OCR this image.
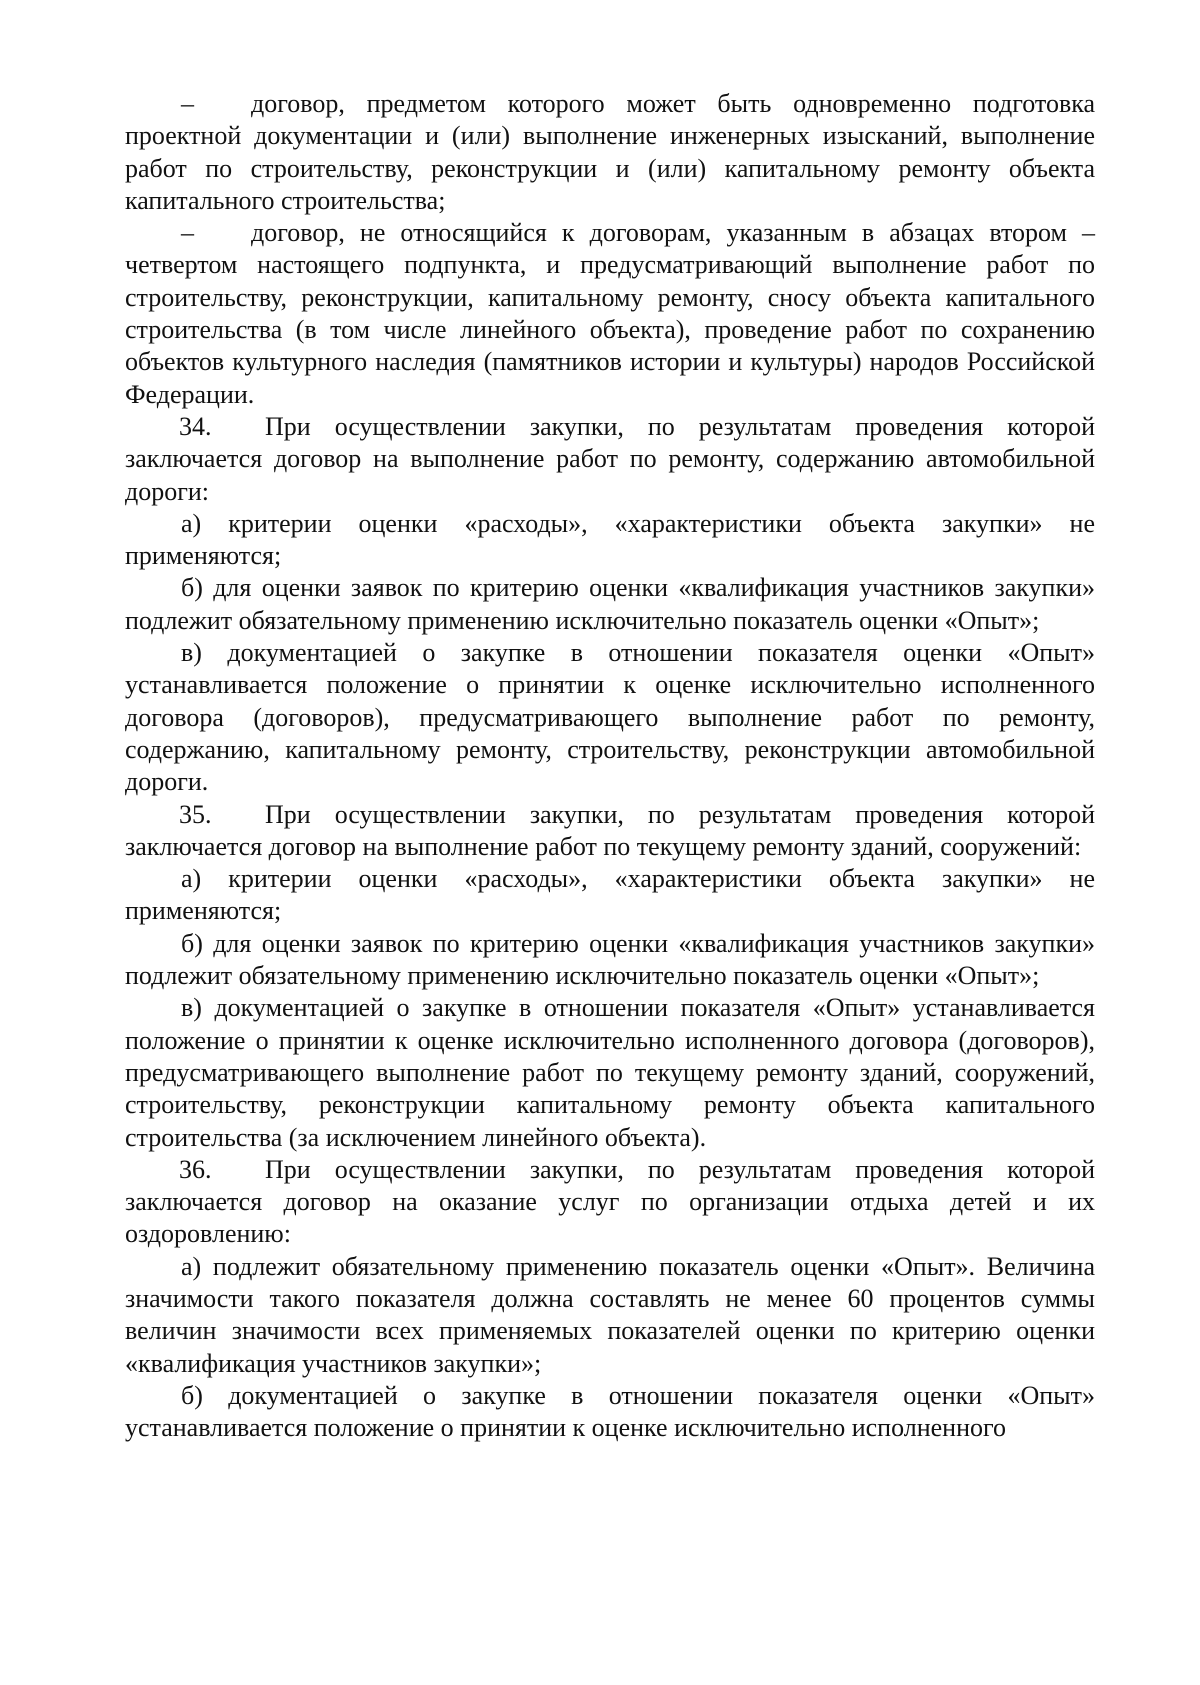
– договор, предметом которого может быть одновременно подготовка проектной документации и (или) выполнение инженерных изысканий, выполнение работ по строительству, реконструкции и (или) капитальному ремонту объекта капитального строительства;

– договор, не относящийся к договорам, указанным в абзацах втором – четвертом настоящего подпункта, и предусматривающий выполнение работ по строительству, реконструкции, капитальному ремонту, сносу объекта капитального строительства (в том числе линейного объекта), проведение работ по сохранению объектов культурного наследия (памятников истории и культуры) народов Российской Федерации.

34. При осуществлении закупки, по результатам проведения которой заключается договор на выполнение работ по ремонту, содержанию автомобильной дороги:

а) критерии оценки «расходы», «характеристики объекта закупки» не применяются;

б) для оценки заявок по критерию оценки «квалификация участников закупки» подлежит обязательному применению исключительно показатель оценки «Опыт»;

в) документацией о закупке в отношении показателя оценки «Опыт» устанавливается положение о принятии к оценке исключительно исполненного договора (договоров), предусматривающего выполнение работ по ремонту, содержанию, капитальному ремонту, строительству, реконструкции автомобильной дороги.

35. При осуществлении закупки, по результатам проведения которой заключается договор на выполнение работ по текущему ремонту зданий, сооружений:

а) критерии оценки «расходы», «характеристики объекта закупки» не применяются;

б) для оценки заявок по критерию оценки «квалификация участников закупки» подлежит обязательному применению исключительно показатель оценки «Опыт»;

в) документацией о закупке в отношении показателя «Опыт» устанавливается положение о принятии к оценке исключительно исполненного договора (договоров), предусматривающего выполнение работ по текущему ремонту зданий, сооружений, строительству, реконструкции капитальному ремонту объекта капитального строительства (за исключением линейного объекта).

36. При осуществлении закупки, по результатам проведения которой заключается договор на оказание услуг по организации отдыха детей и их оздоровлению:

а) подлежит обязательному применению показатель оценки «Опыт». Величина значимости такого показателя должна составлять не менее 60 процентов суммы величин значимости всех применяемых показателей оценки по критерию оценки «квалификация участников закупки»;

б) документацией о закупке в отношении показателя оценки «Опыт» устанавливается положение о принятии к оценке исключительно исполненного
